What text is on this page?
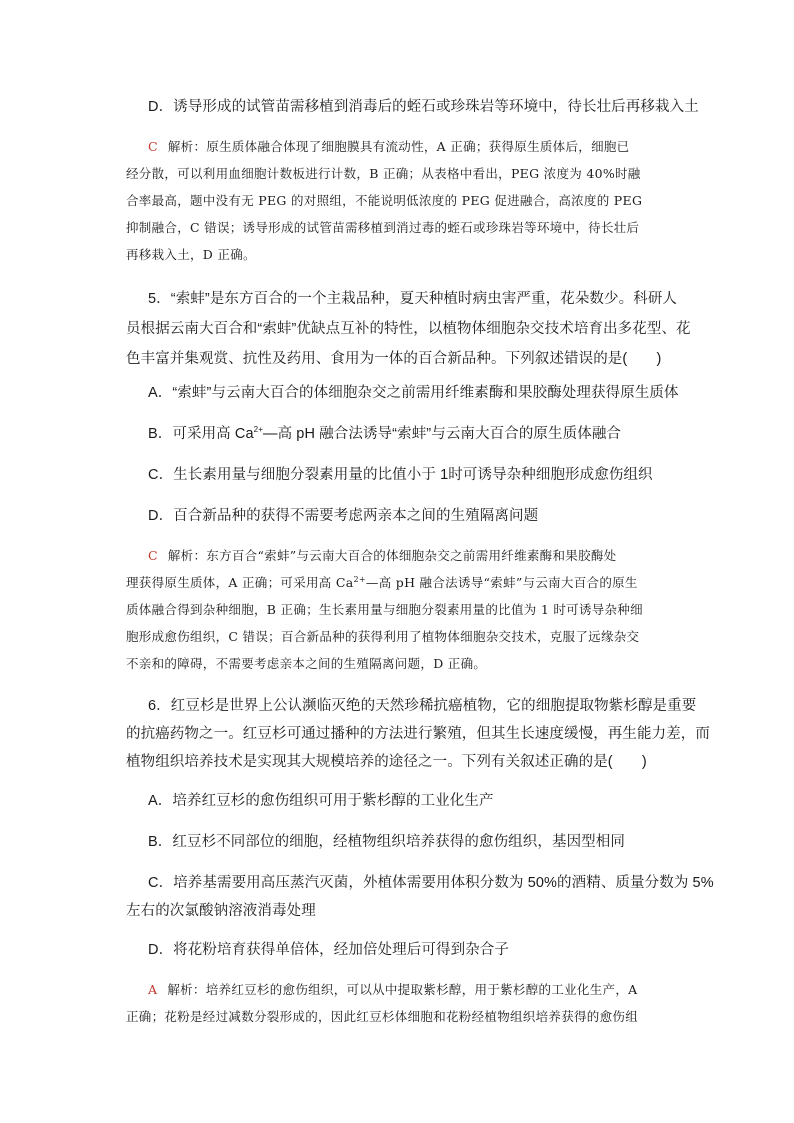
D．诱导形成的试管苗需移植到消毒后的蛭石或珍珠岩等环境中，待长壮后再移栽入土
C 解析：原生质体融合体现了细胞膜具有流动性，A 正确；获得原生质体后，细胞已
经分散，可以利用血细胞计数板进行计数，B 正确；从表格中看出，PEG 浓度为 40%时融
合率最高，题中没有无 PEG 的对照组，不能说明低浓度的 PEG 促进融合，高浓度的 PEG
抑制融合，C 错误；诱导形成的试管苗需移植到消过毒的蛭石或珍珠岩等环境中，待长壮后
再移栽入土，D 正确。
5．“索蚌”是东方百合的一个主栽品种，夏天种植时病虫害严重，花朵数少。科研人
员根据云南大百合和“索蚌”优缺点互补的特性，以植物体细胞杂交技术培育出多花型、花
色丰富并集观赏、抗性及药用、食用为一体的百合新品种。下列叙述错误的是(　　)
A．“索蚌”与云南大百合的体细胞杂交之前需用纤维素酶和果胶酶处理获得原生质体
B．可采用高 $Ca^{2+}—$高 pH 融合法诱导“索蚌”与云南大百合的原生质体融合
C．生长素用量与细胞分裂素用量的比值小于 1时可诱导杂种细胞形成愈伤组织
D．百合新品种的获得不需要考虑两亲本之间的生殖隔离问题
C 解析：东方百合“索蚌”与云南大百合的体细胞杂交之前需用纤维素酶和果胶酶处
理获得原生质体，A 正确；可采用高 $Ca^{2+}—$高 pH 融合法诱导“索蚌”与云南大百合的原生
质体融合得到杂种细胞，B 正确；生长素用量与细胞分裂素用量的比值为 1 时可诱导杂种细
胞形成愈伤组织，C 错误；百合新品种的获得利用了植物体细胞杂交技术，克服了远缘杂交
不亲和的障碍，不需要考虑亲本之间的生殖隔离问题，D 正确。
6．红豆杉是世界上公认濒临灭绝的天然珍稀抗癌植物，它的细胞提取物紫杉醇是重要
的抗癌药物之一。红豆杉可通过播种的方法进行繁殖，但其生长速度缓慢，再生能力差，而
植物组织培养技术是实现其大规模培养的途径之一。下列有关叙述正确的是(　　)
A．培养红豆杉的愈伤组织可用于紫杉醇的工业化生产
B．红豆杉不同部位的细胞，经植物组织培养获得的愈伤组织，基因型相同
C．培养基需要用高压蒸汽灭菌，外植体需要用体积分数为 50%的酒精、质量分数为 5%
左右的次氯酸钠溶液消毒处理
D．将花粉培育获得单倍体，经加倍处理后可得到杂合子
A 解析：培养红豆杉的愈伤组织，可以从中提取紫杉醇，用于紫杉醇的工业化生产，A
正确；花粉是经过减数分裂形成的，因此红豆杉体细胞和花粉经植物组织培养获得的愈伤组
